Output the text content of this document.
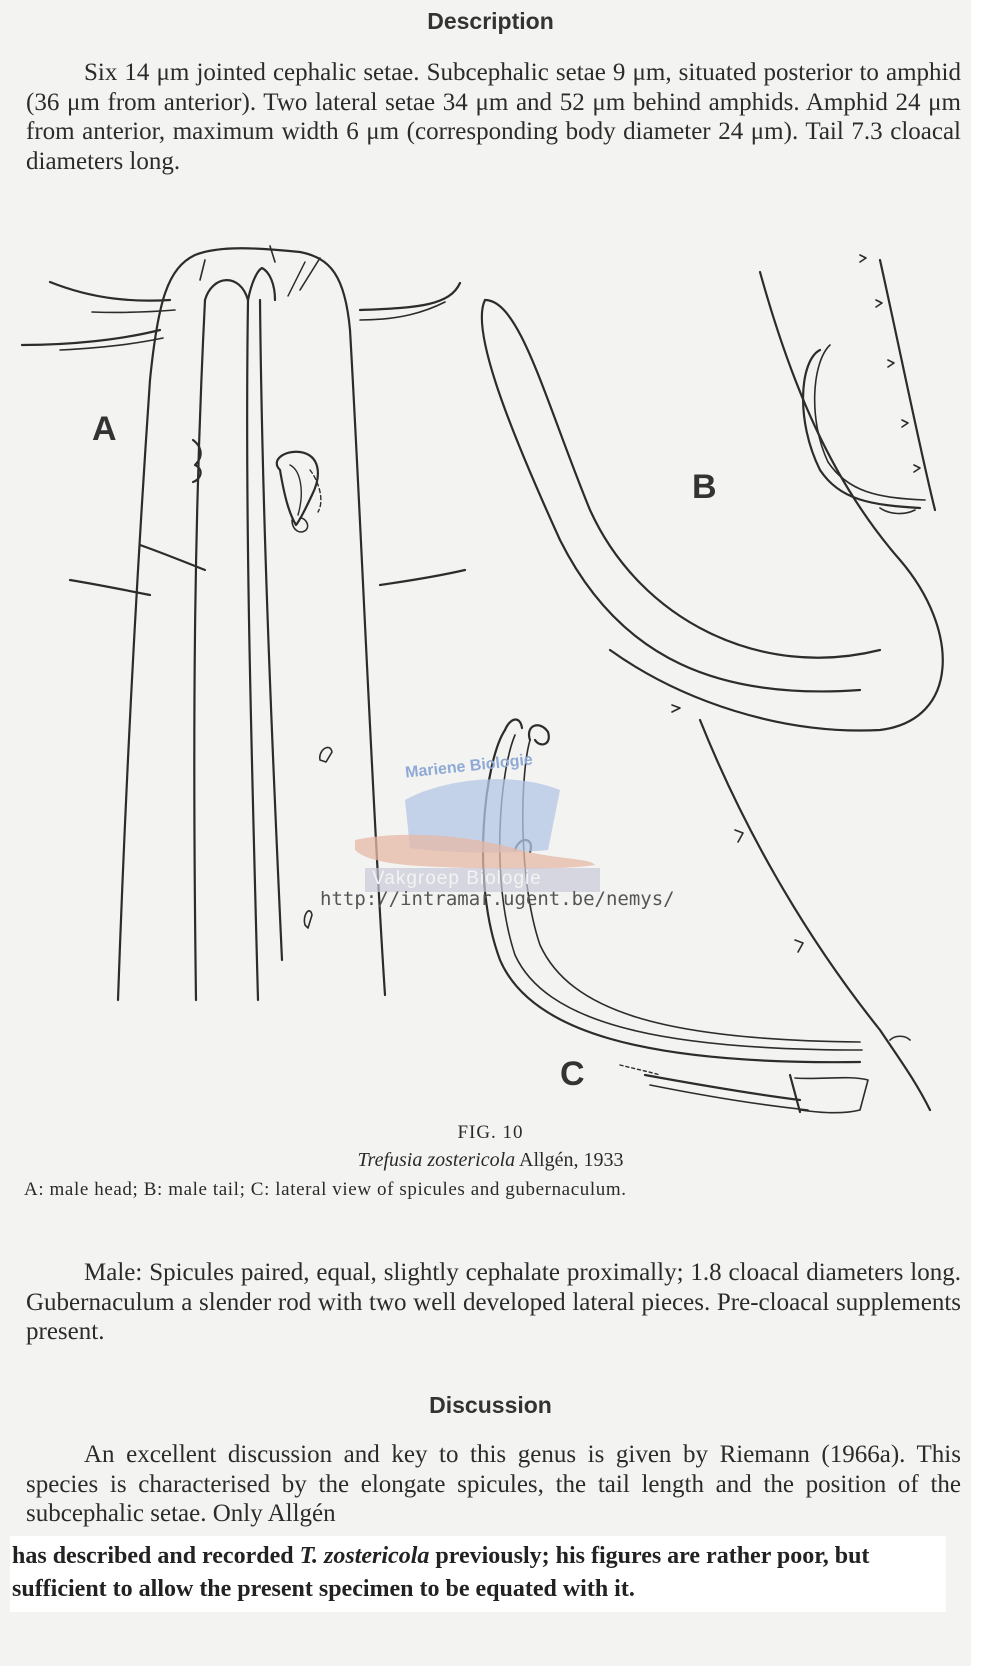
Description
Six 14 μm jointed cephalic setae. Subcephalic setae 9 μm, situated posterior to amphid (36 μm from anterior). Two lateral setae 34 μm and 52 μm behind amphids. Amphid 24 μm from anterior, maximum width 6 μm (corresponding body diameter 24 μm). Tail 7.3 cloacal diameters long.
A
B
C
Mariene Biologie
Vakgroep Biologie
http://intramar.ugent.be/nemys/
FIG. 10
Trefusia zostericola Allgén, 1933
A: male head; B: male tail; C: lateral view of spicules and gubernaculum.
Male: Spicules paired, equal, slightly cephalate proximally; 1.8 cloacal diameters long. Gubernaculum a slender rod with two well developed lateral pieces. Pre-cloacal supplements present.
Discussion
An excellent discussion and key to this genus is given by Riemann (1966a). This species is characterised by the elongate spicules, the tail length and the position of the subcephalic setae. Only Allgén
has described and recorded T. zostericola previously; his figures are rather poor, but sufficient to allow the present specimen to be equated with it.
